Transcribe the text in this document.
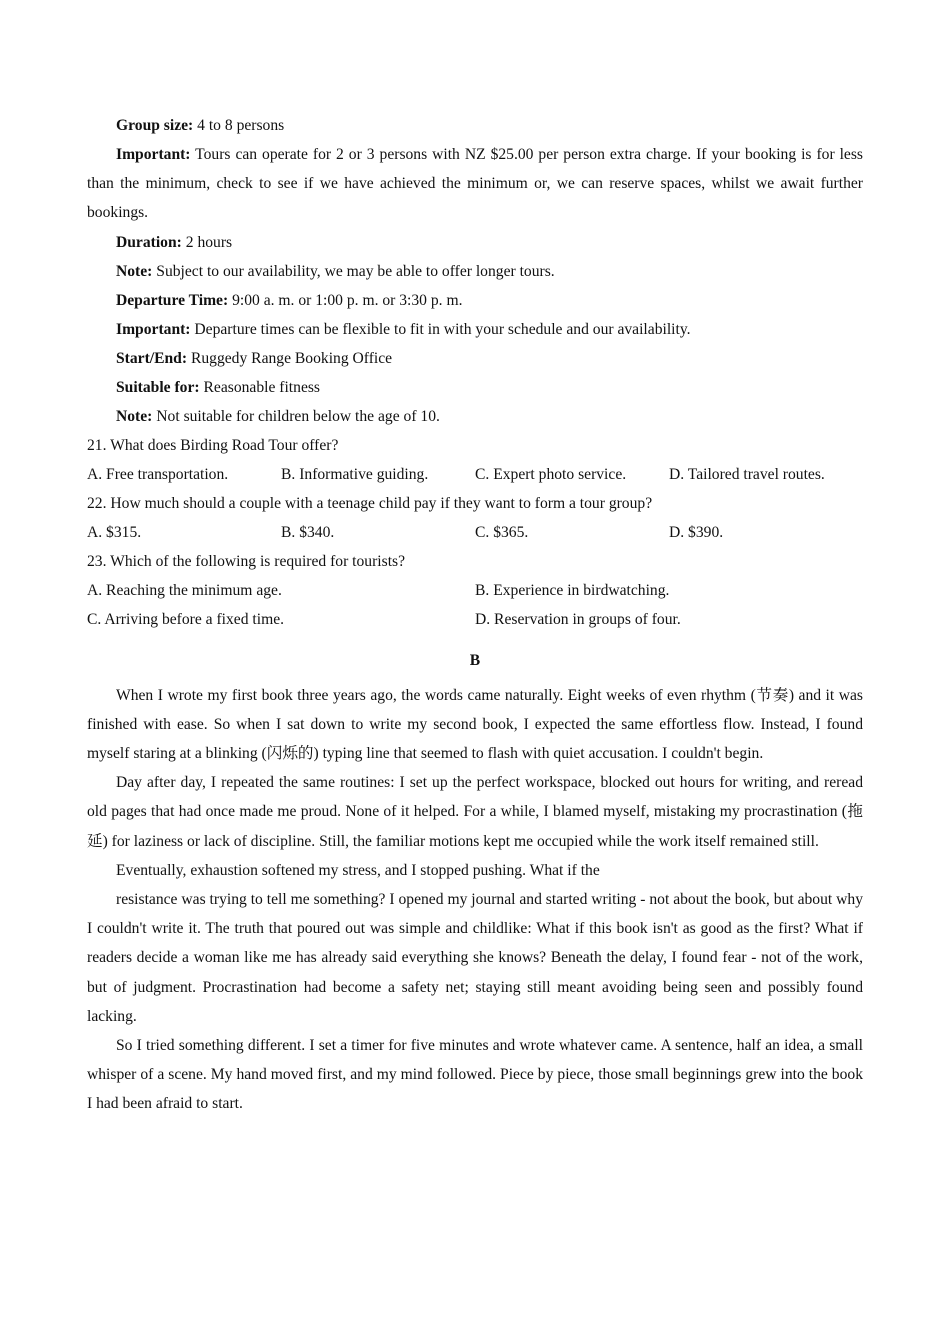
Group size: 4 to 8 persons
Important: Tours can operate for 2 or 3 persons with NZ $25.00 per person extra charge. If your booking is for less than the minimum, check to see if we have achieved the minimum or, we can reserve spaces, whilst we await further bookings.
Duration: 2 hours
Note: Subject to our availability, we may be able to offer longer tours.
Departure Time: 9:00 a. m. or 1:00 p. m. or 3:30 p. m.
Important: Departure times can be flexible to fit in with your schedule and our availability.
Start/End: Ruggedy Range Booking Office
Suitable for: Reasonable fitness
Note: Not suitable for children below the age of 10.
21. What does Birding Road Tour offer?
A. Free transportation.	B. Informative guiding.	C. Expert photo service.	D. Tailored travel routes.
22. How much should a couple with a teenage child pay if they want to form a tour group?
A. $315.	B. $340.	C. $365.	D. $390.
23. Which of the following is required for tourists?
A. Reaching the minimum age.	B. Experience in birdwatching.
C. Arriving before a fixed time.	D. Reservation in groups of four.
B
When I wrote my first book three years ago, the words came naturally. Eight weeks of even rhythm (节奏) and it was finished with ease. So when I sat down to write my second book, I expected the same effortless flow. Instead, I found myself staring at a blinking (闪烁的) typing line that seemed to flash with quiet accusation. I couldn't begin.
Day after day, I repeated the same routines: I set up the perfect workspace, blocked out hours for writing, and reread old pages that had once made me proud. None of it helped. For a while, I blamed myself, mistaking my procrastination (拖延) for laziness or lack of discipline. Still, the familiar motions kept me occupied while the work itself remained still.
Eventually, exhaustion softened my stress, and I stopped pushing. What if the
resistance was trying to tell me something? I opened my journal and started writing - not about the book, but about why I couldn't write it. The truth that poured out was simple and childlike: What if this book isn't as good as the first? What if readers decide a woman like me has already said everything she knows? Beneath the delay, I found fear - not of the work, but of judgment. Procrastination had become a safety net; staying still meant avoiding being seen and possibly found lacking.
So I tried something different. I set a timer for five minutes and wrote whatever came. A sentence, half an idea, a small whisper of a scene. My hand moved first, and my mind followed. Piece by piece, those small beginnings grew into the book I had been afraid to start.
